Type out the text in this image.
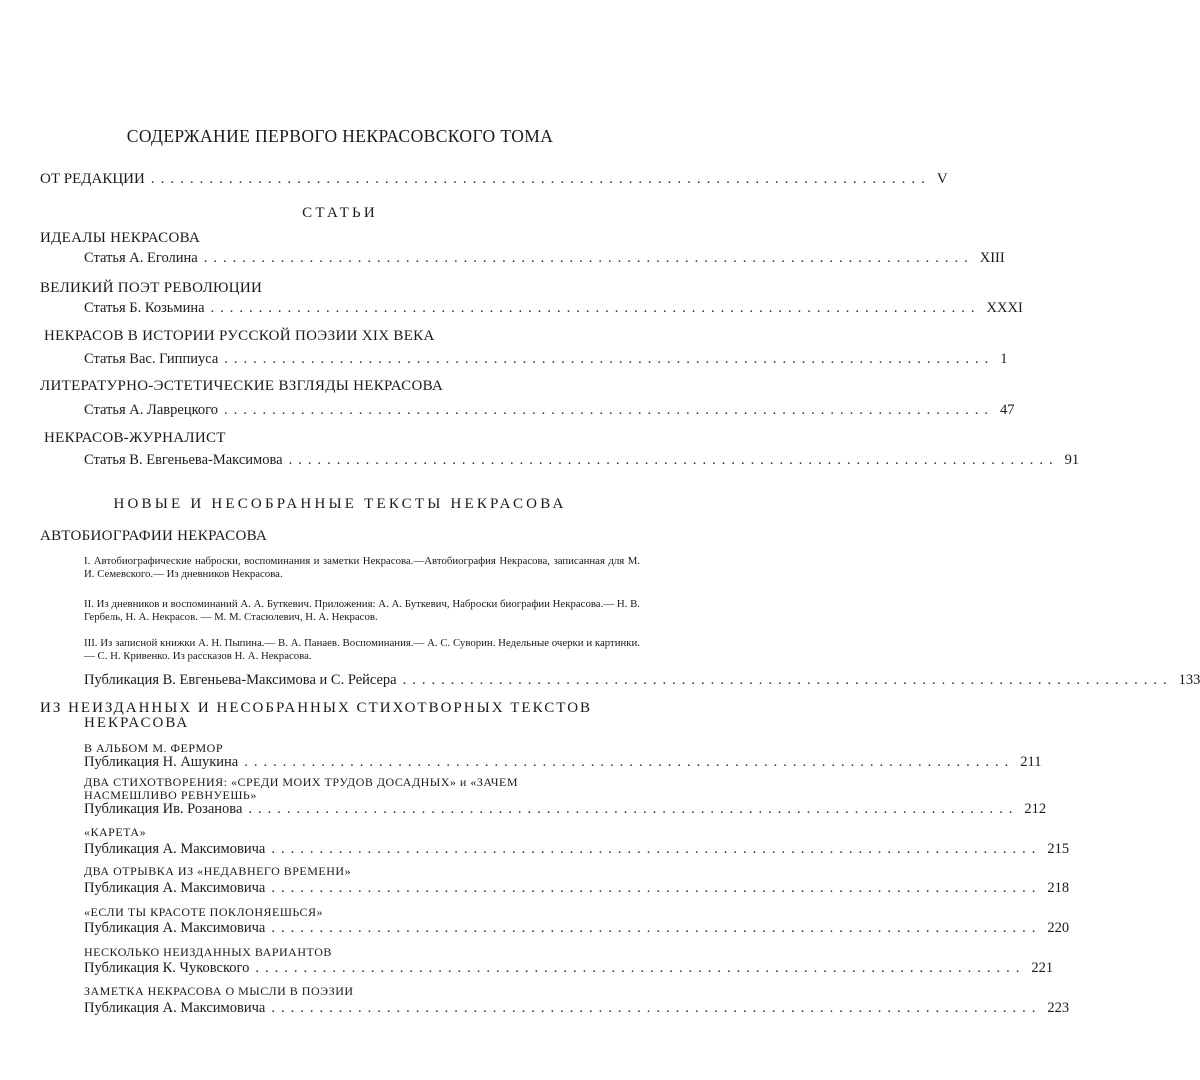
СОДЕРЖАНИЕ ПЕРВОГО НЕКРАСОВСКОГО ТОМА
ОТ РЕДАКЦИИ ................................................................................ V
СТАТЬИ
ИДЕАЛЫ НЕКРАСОВА
Статья А. Еголина ................................................................................ XIII
ВЕЛИКИЙ ПОЭТ РЕВОЛЮЦИИ
Статья Б. Козьмина ................................................................................ XXXI
НЕКРАСОВ В ИСТОРИИ РУССКОЙ ПОЭЗИИ XIX ВЕКА
Статья Вас. Гиппиуса ................................................................................ 1
ЛИТЕРАТУРНО-ЭСТЕТИЧЕСКИЕ ВЗГЛЯДЫ НЕКРАСОВА
Статья А. Лаврецкого ................................................................................ 47
НЕКРАСОВ-ЖУРНАЛИСТ
Статья В. Евгеньева-Максимова ................................................................................ 91
НОВЫЕ И НЕСОБРАННЫЕ ТЕКСТЫ НЕКРАСОВА
АВТОБИОГРАФИИ НЕКРАСОВА
I. Автобиографические наброски, воспоминания и заметки Некрасова.—Автобиография Некрасова, записанная для М. И. Семевского.— Из дневников Некрасова.
II. Из дневников и воспоминаний А. А. Буткевич. Приложения: А. А. Буткевич, Наброски биографии Некрасова.— Н. В. Гербель, Н. А. Некрасов. — М. М. Стасюлевич, Н. А. Некрасов.
III. Из записной книжки А. Н. Пыпина.— В. А. Панаев. Воспоминания.— А. С. Суворин. Недельные очерки и картинки.— С. Н. Кривенко. Из рассказов Н. А. Некрасова.
Публикация В. Евгеньева-Максимова и С. Рейсера ................................................................................ 133
ИЗ НЕИЗДАННЫХ И НЕСОБРАННЫХ СТИХОТВОРНЫХ ТЕКСТОВ
НЕКРАСОВА
В АЛЬБОМ М. ФЕРМОР
Публикация Н. Ашукина ................................................................................ 211
ДВА СТИХОТВОРЕНИЯ: «СРЕДИ МОИХ ТРУДОВ ДОСАДНЫХ» и «ЗАЧЕМ
НАСМЕШЛИВО РЕВНУЕШЬ»
Публикация Ив. Розанова ................................................................................ 212
«КАРЕТА»
Публикация А. Максимовича ................................................................................ 215
ДВА ОТРЫВКА ИЗ «НЕДАВНЕГО ВРЕМЕНИ»
Публикация А. Максимовича ................................................................................ 218
«ЕСЛИ ТЫ КРАСОТЕ ПОКЛОНЯЕШЬСЯ»
Публикация А. Максимовича ................................................................................ 220
НЕСКОЛЬКО НЕИЗДАННЫХ ВАРИАНТОВ
Публикация К. Чуковского ................................................................................ 221
ЗАМЕТКА НЕКРАСОВА О МЫСЛИ В ПОЭЗИИ
Публикация А. Максимовича ................................................................................ 223
